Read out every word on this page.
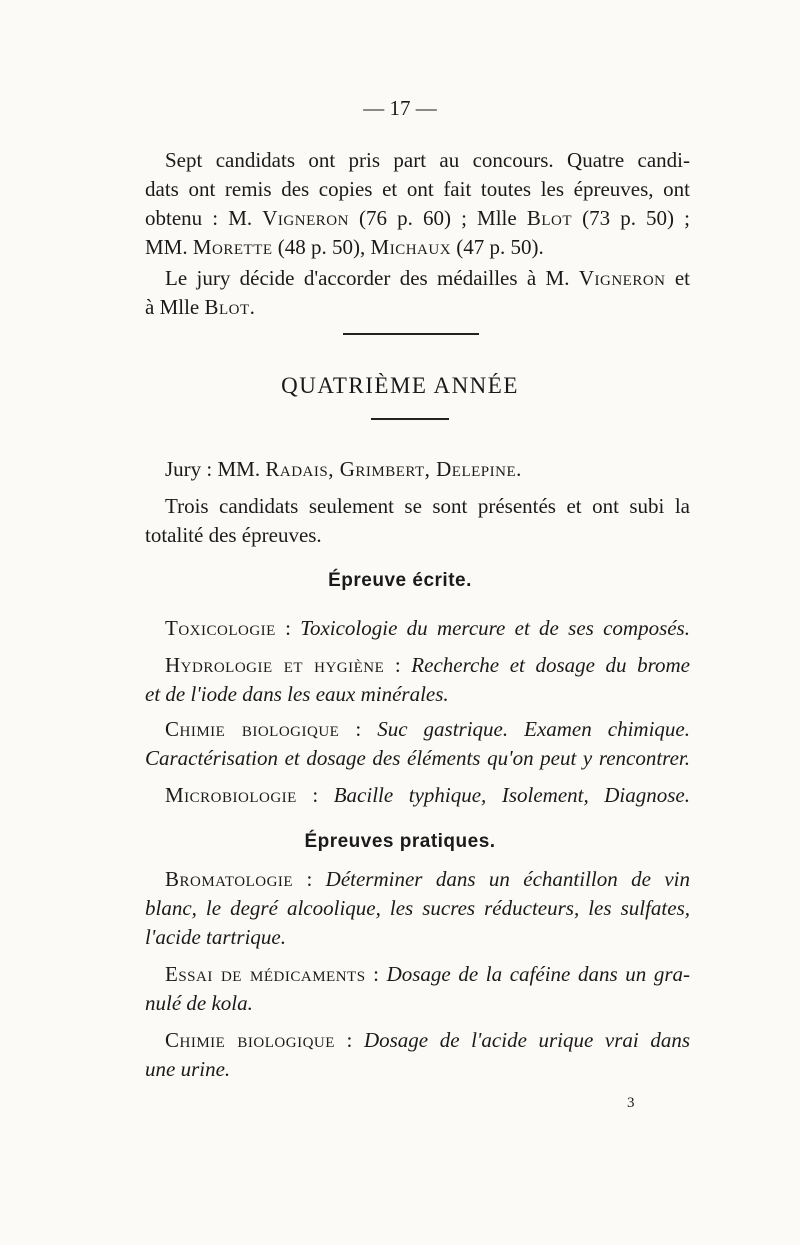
— 17 —
Sept candidats ont pris part au concours. Quatre candi-
dats ont remis des copies et ont fait toutes les épreuves, ont
obtenu : M. Vigneron (76 p. 60) ; Mlle Blot (73 p. 50) ;
MM. Morette (48 p. 50), Michaux (47 p. 50).
Le jury décide d'accorder des médailles à M. Vigneron et
à Mlle Blot.
QUATRIÈME ANNÉE
Jury : MM. Radais, Grimbert, Delepine.
Trois candidats seulement se sont présentés et ont subi la
totalité des épreuves.
Épreuve écrite.
Toxicologie : Toxicologie du mercure et de ses composés.
Hydrologie et hygiène : Recherche et dosage du brome
et de l'iode dans les eaux minérales.
Chimie biologique : Suc gastrique. Examen chimique.
Caractérisation et dosage des éléments qu'on peut y rencontrer.
Microbiologie : Bacille typhique, Isolement, Diagnose.
Épreuves pratiques.
Bromatologie : Déterminer dans un échantillon de vin
blanc, le degré alcoolique, les sucres réducteurs, les sulfates,
l'acide tartrique.
Essai de médicaments : Dosage de la caféine dans un gra-
nulé de kola.
Chimie biologique : Dosage de l'acide urique vrai dans
une urine.
3
